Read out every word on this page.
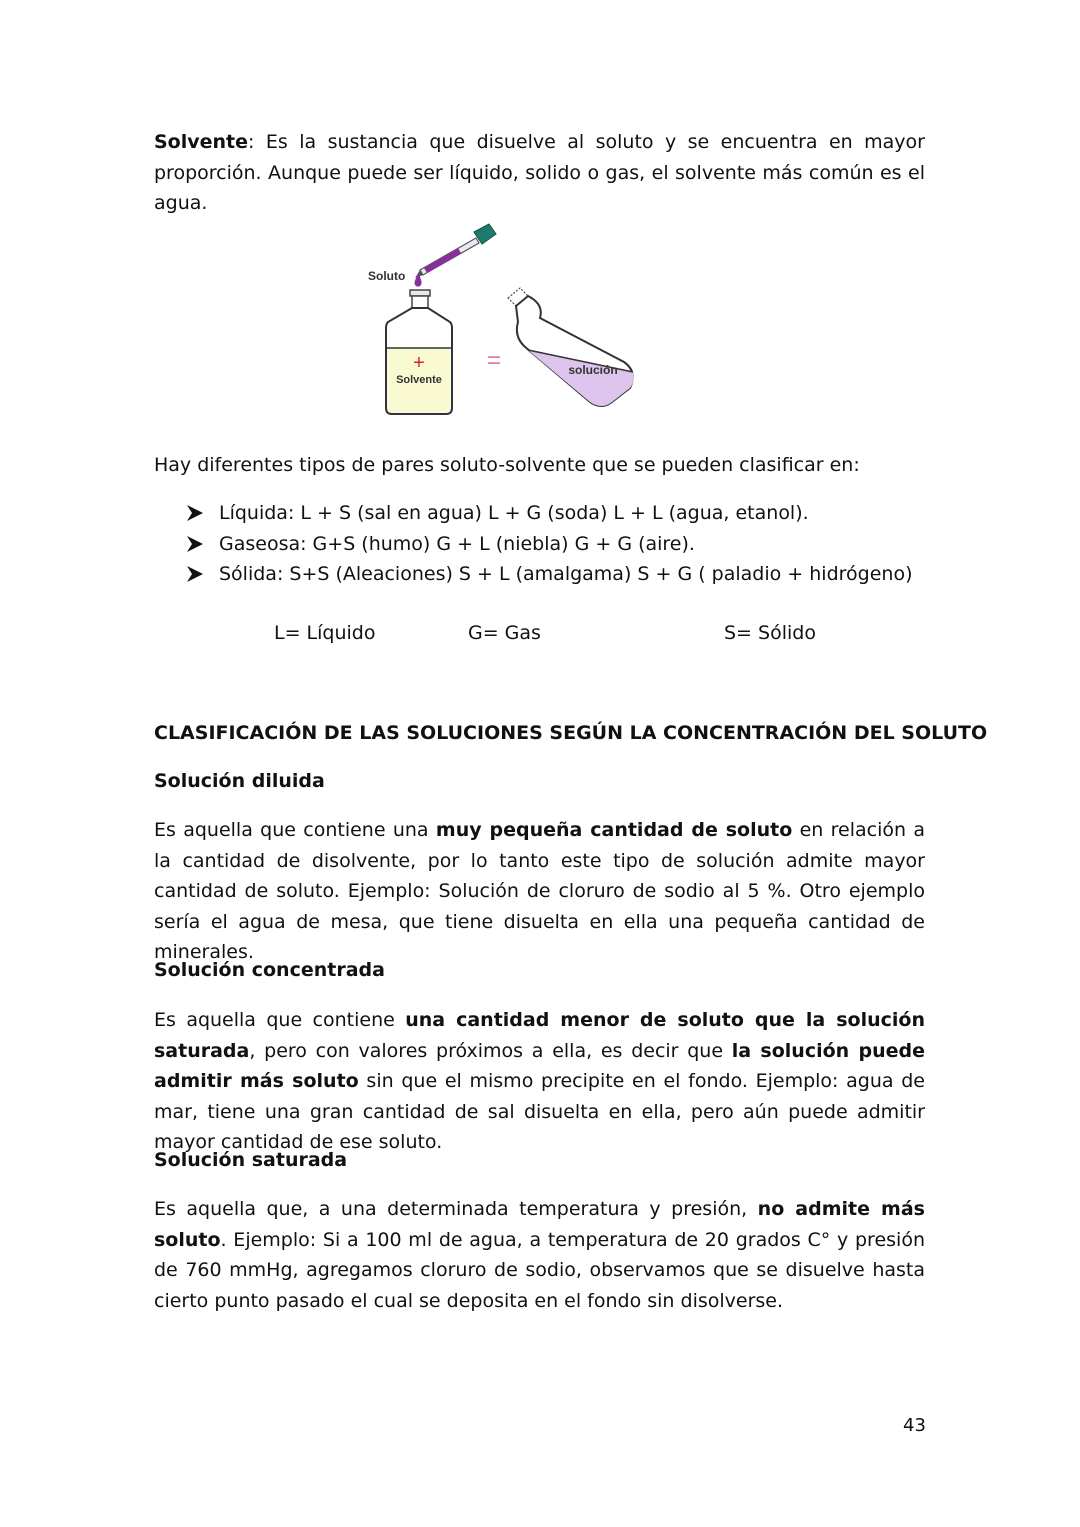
Solvente: Es la sustancia que disuelve al soluto y se encuentra en mayor proporción. Aunque puede ser líquido, solido o gas, el solvente más común es el agua.

Soluto
+
Solvente
=	solución

Hay diferentes tipos de pares soluto-solvente que se pueden clasificar en:

Líquida: L + S (sal en agua) L + G (soda) L + L (agua, etanol).
Gaseosa: G+S (humo) G + L (niebla) G + G (aire).
Sólida: S+S (Aleaciones) S + L (amalgama) S + G ( paladio + hidrógeno)
L= Líquido	G= Gas	S= Sólido
CLASIFICACIÓN DE LAS SOLUCIONES SEGÚN LA CONCENTRACIÓN DEL SOLUTO
Solución diluida

Es aquella que contiene una muy pequeña cantidad de soluto en relación a la cantidad de disolvente, por lo tanto este tipo de solución admite mayor cantidad de soluto. Ejemplo: Solución de cloruro de sodio al 5 %. Otro ejemplo sería el agua de mesa, que tiene disuelta en ella una pequeña cantidad de minerales.

Solución concentrada

Es aquella que contiene una cantidad menor de soluto que la solución saturada, pero con valores próximos a ella, es decir que la solución puede admitir más soluto sin que el mismo precipite en el fondo. Ejemplo: agua de mar, tiene una gran cantidad de sal disuelta en ella, pero aún puede admitir mayor cantidad de ese soluto.

Solución saturada

Es aquella que, a una determinada temperatura y presión, no admite más soluto. Ejemplo: Si a 100 ml de agua, a temperatura de 20 grados C° y presión de 760 mmHg, agregamos cloruro de sodio, observamos que se disuelve hasta cierto punto pasado el cual se deposita en el fondo sin disolverse.

43
